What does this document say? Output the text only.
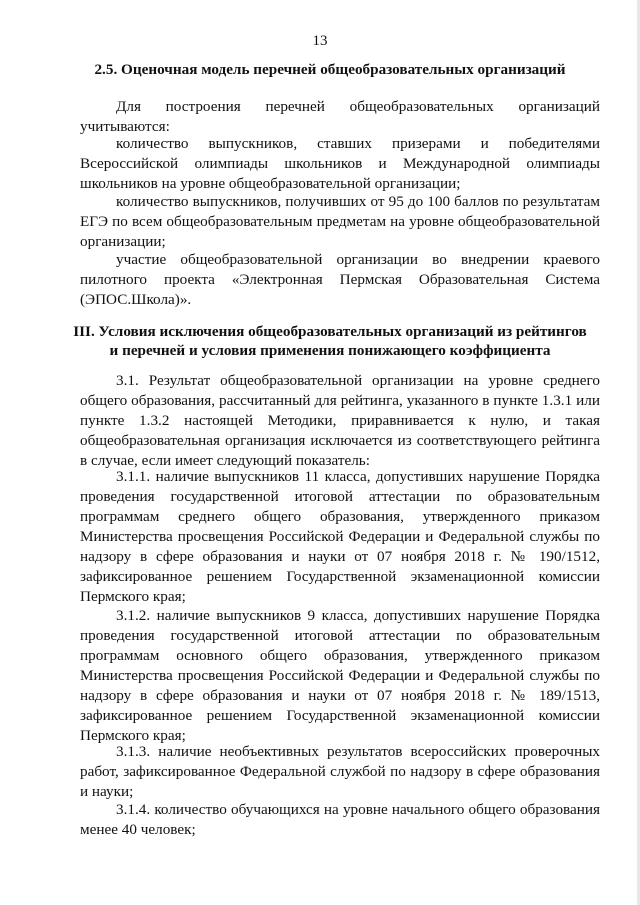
13
2.5. Оценочная модель перечней общеобразовательных организаций
Для построения перечней общеобразовательных организаций учитываются:
количество выпускников, ставших призерами и победителями Всероссийской олимпиады школьников и Международной олимпиады школьников на уровне общеобразовательной организации;
количество выпускников, получивших от 95 до 100 баллов по результатам ЕГЭ по всем общеобразовательным предметам на уровне общеобразовательной организации;
участие общеобразовательной организации во внедрении краевого пилотного проекта «Электронная Пермская Образовательная Система (ЭПОС.Школа)».
III. Условия исключения общеобразовательных организаций из рейтингов
и перечней и условия применения понижающего коэффициента
3.1. Результат общеобразовательной организации на уровне среднего общего образования, рассчитанный для рейтинга, указанного в пункте 1.3.1 или пункте 1.3.2 настоящей Методики, приравнивается к нулю, и такая общеобразовательная организация исключается из соответствующего рейтинга в случае, если имеет следующий показатель:
3.1.1. наличие выпускников 11 класса, допустивших нарушение Порядка проведения государственной итоговой аттестации по образовательным программам среднего общего образования, утвержденного приказом Министерства просвещения Российской Федерации и Федеральной службы по надзору в сфере образования и науки от 07 ноября 2018 г. № 190/1512, зафиксированное решением Государственной экзаменационной комиссии Пермского края;
3.1.2. наличие выпускников 9 класса, допустивших нарушение Порядка проведения государственной итоговой аттестации по образовательным программам основного общего образования, утвержденного приказом Министерства просвещения Российской Федерации и Федеральной службы по надзору в сфере образования и науки от 07 ноября 2018 г. № 189/1513, зафиксированное решением Государственной экзаменационной комиссии Пермского края;
3.1.3. наличие необъективных результатов всероссийских проверочных работ, зафиксированное Федеральной службой по надзору в сфере образования и науки;
3.1.4. количество обучающихся на уровне начального общего образования менее 40 человек;
